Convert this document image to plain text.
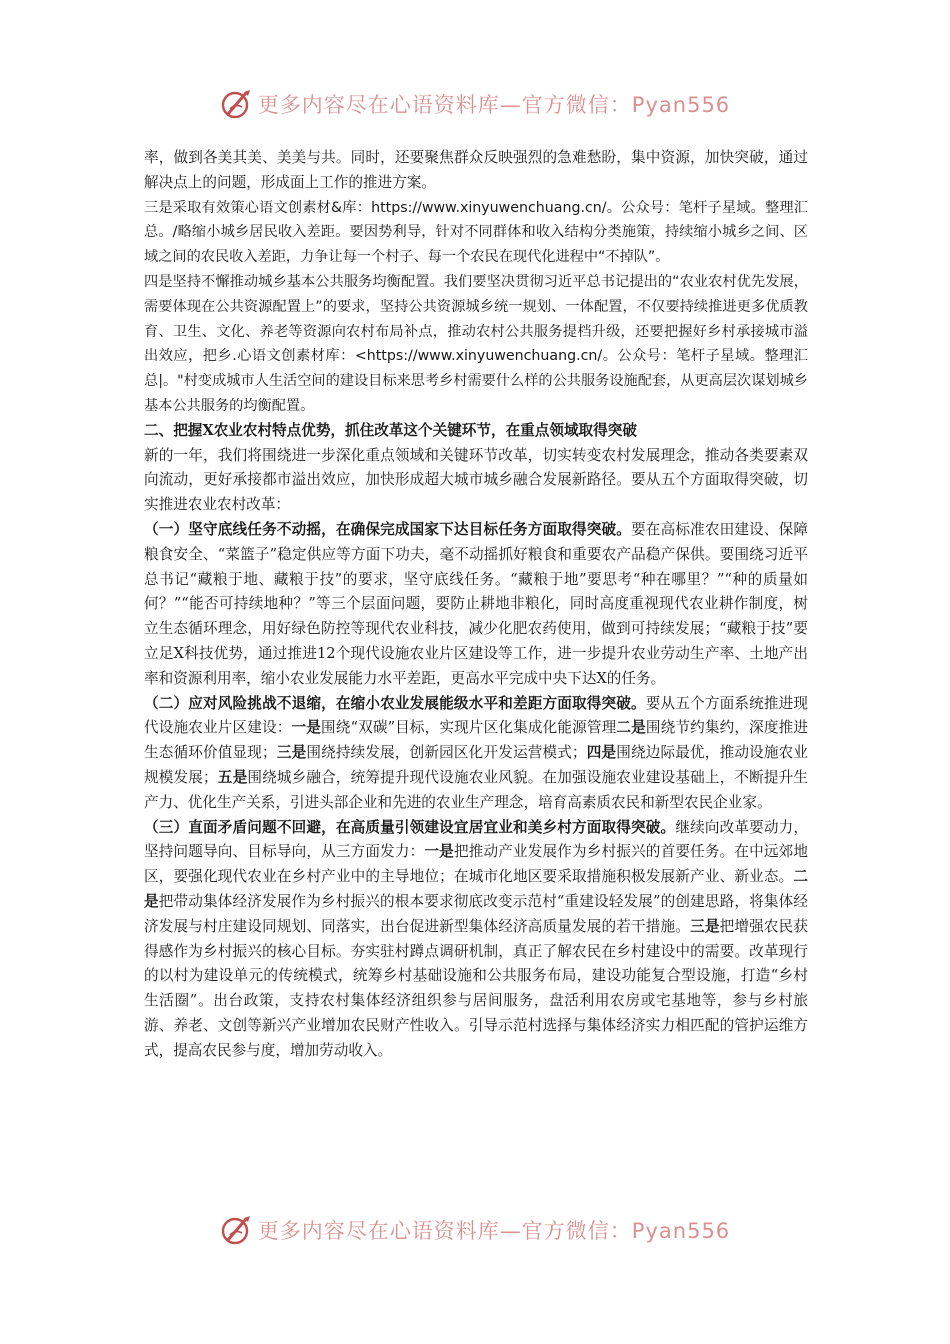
更多内容尽在心语资料库—官方微信：Pyan556

率，做到各美其美、美美与共。同时，还要聚焦群众反映强烈的急难愁盼，集中资源，加快突破，通过解决点上的问题，形成面上工作的推进方案。

三是采取有效策心语文创素材&库：https://www.xinyuwenchuang.cn/。公众号：笔杆子星域。整理汇总。/略缩小城乡居民收入差距。要因势利导，针对不同群体和收入结构分类施策，持续缩小城乡之间、区域之间的农民收入差距，力争让每一个村子、每一个农民在现代化进程中“不掉队”。

四是坚持不懈推动城乡基本公共服务均衡配置。我们要坚决贯彻习近平总书记提出的“农业农村优先发展，需要体现在公共资源配置上”的要求，坚持公共资源城乡统一规划、一体配置，不仅要持续推进更多优质教育、卫生、文化、养老等资源向农村布局补点，推动农村公共服务提档升级，还要把握好乡村承接城市溢出效应，把乡.心语文创素材库：<https://www.xinyuwenchuang.cn/。公众号：笔杆子星域。整理汇总|。"村变成城市人生活空间的建设目标来思考乡村需要什么样的公共服务设施配套，从更高层次谋划城乡基本公共服务的均衡配置。

二、把握X农业农村特点优势，抓住改革这个关键环节，在重点领域取得突破

新的一年，我们将围绕进一步深化重点领域和关键环节改革，切实转变农村发展理念，推动各类要素双向流动，更好承接都市溢出效应，加快形成超大城市城乡融合发展新路径。要从五个方面取得突破，切实推进农业农村改革：

（一）坚守底线任务不动摇，在确保完成国家下达目标任务方面取得突破。要在高标准农田建设、保障粮食安全、“菜篮子”稳定供应等方面下功夫，毫不动摇抓好粮食和重要农产品稳产保供。要围绕习近平总书记“藏粮于地、藏粮于技”的要求，坚守底线任务。“藏粮于地”要思考“种在哪里？”“种的质量如何？”“能否可持续地种？”等三个层面问题，要防止耕地非粮化，同时高度重视现代农业耕作制度，树立生态循环理念，用好绿色防控等现代农业科技，减少化肥农药使用，做到可持续发展；“藏粮于技”要立足X科技优势，通过推进12个现代设施农业片区建设等工作，进一步提升农业劳动生产率、土地产出率和资源利用率，缩小农业发展能力水平差距，更高水平完成中央下达X的任务。

（二）应对风险挑战不退缩，在缩小农业发展能级水平和差距方面取得突破。要从五个方面系统推进现代设施农业片区建设：一是围绕“双碳”目标，实现片区化集成化能源管理二是围绕节约集约，深度推进生态循环价值显现；三是围绕持续发展，创新园区化开发运营模式；四是围绕边际最优，推动设施农业规模发展；五是围绕城乡融合，统筹提升现代设施农业风貌。在加强设施农业建设基础上，不断提升生产力、优化生产关系，引进头部企业和先进的农业生产理念，培育高素质农民和新型农民企业家。

（三）直面矛盾问题不回避，在高质量引领建设宜居宜业和美乡村方面取得突破。继续向改革要动力，坚持问题导向、目标导向，从三方面发力：一是把推动产业发展作为乡村振兴的首要任务。在中远郊地区，要强化现代农业在乡村产业中的主导地位；在城市化地区要采取措施积极发展新产业、新业态。二是把带动集体经济发展作为乡村振兴的根本要求彻底改变示范村“重建设轻发展”的创建思路，将集体经济发展与村庄建设同规划、同落实，出台促进新型集体经济高质量发展的若干措施。三是把增强农民获得感作为乡村振兴的核心目标。夯实驻村蹲点调研机制，真正了解农民在乡村建设中的需要。改革现行的以村为建设单元的传统模式，统筹乡村基础设施和公共服务布局，建设功能复合型设施，打造“乡村生活圈”。出台政策，支持农村集体经济组织参与居间服务，盘活利用农房或宅基地等，参与乡村旅游、养老、文创等新兴产业增加农民财产性收入。引导示范村选择与集体经济实力相匹配的管护运维方式，提高农民参与度，增加劳动收入。

更多内容尽在心语资料库—官方微信：Pyan556
